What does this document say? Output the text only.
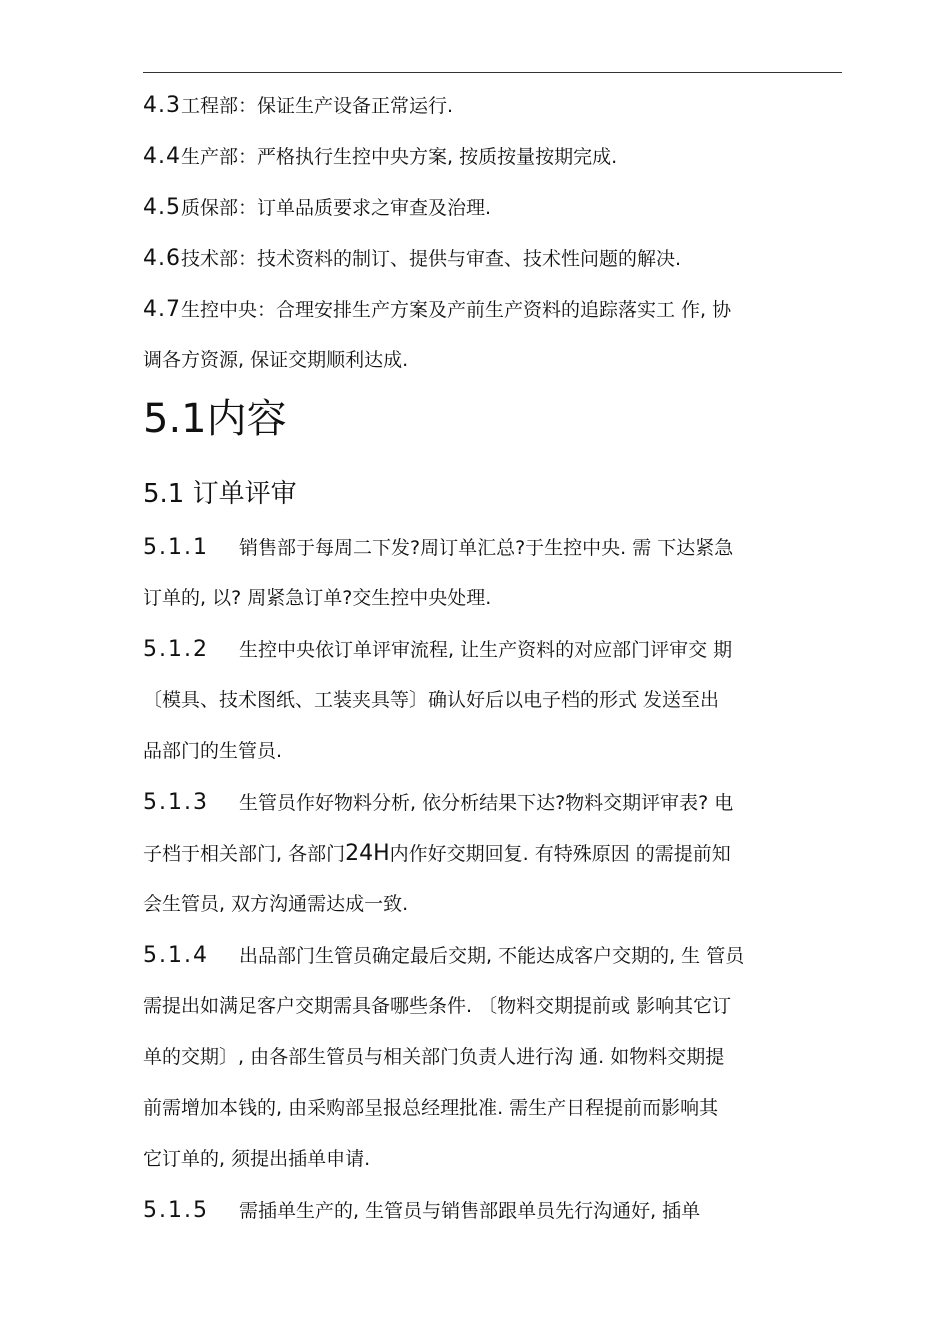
4.3工程部：保证生产设备正常运行.
4.4生产部：严格执行生控中央方案, 按质按量按期完成.
4.5质保部：订单品质要求之审查及治理.
4.6技术部：技术资料的制订、提供与审查、技术性问题的解决.
4.7生控中央：合理安排生产方案及产前生产资料的追踪落实工 作, 协
调各方资源, 保证交期顺利达成.
5.1内容
5.1 订单评审
5.1.1 销售部于每周二下发?周订单汇总?于生控中央. 需 下达紧急
订单的, 以? 周紧急订单?交生控中央处理.
5.1.2 生控中央依订单评审流程, 让生产资料的对应部门评审交 期
〔模具、技术图纸、工装夹具等〕确认好后以电子档的形式 发送至出
品部门的生管员.
5.1.3 生管员作好物料分析, 依分析结果下达?物料交期评审表? 电
子档于相关部门, 各部门24H内作好交期回复. 有特殊原因 的需提前知
会生管员, 双方沟通需达成一致.
5.1.4 出品部门生管员确定最后交期, 不能达成客户交期的, 生 管员
需提出如满足客户交期需具备哪些条件. 〔物料交期提前或 影响其它订
单的交期〕, 由各部生管员与相关部门负责人进行沟 通. 如物料交期提
前需增加本钱的, 由采购部呈报总经理批准. 需生产日程提前而影响其
它订单的, 须提出插单申请.
5.1.5 需插单生产的, 生管员与销售部跟单员先行沟通好, 插单
